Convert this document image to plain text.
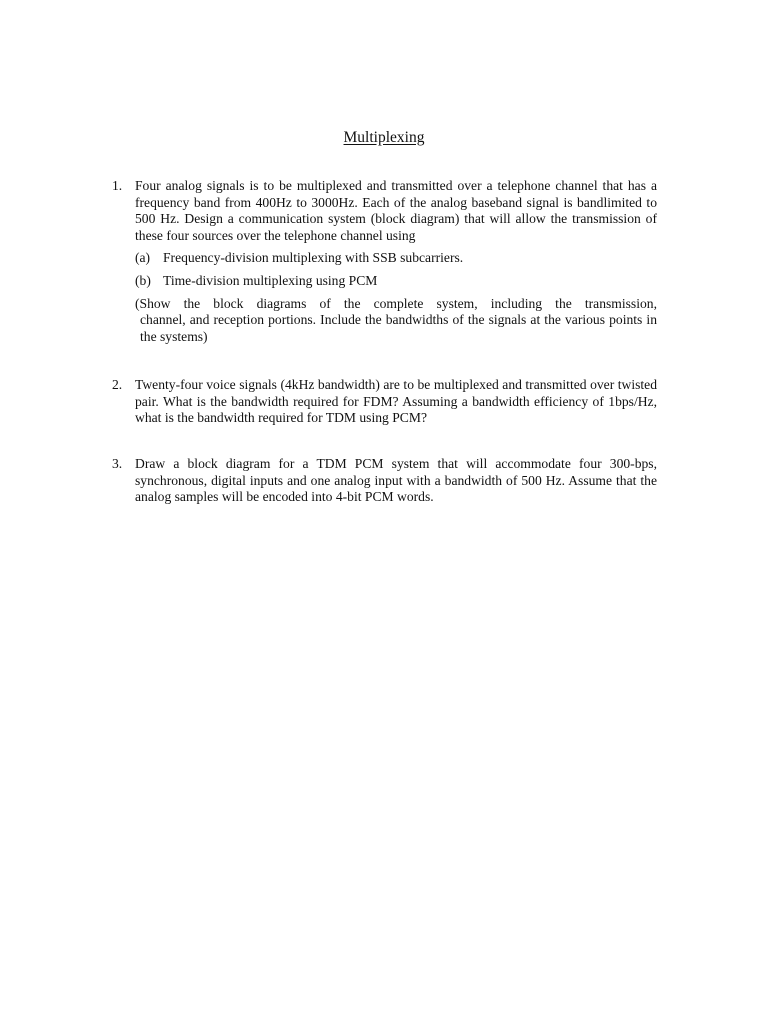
Multiplexing
1. Four analog signals is to be multiplexed and transmitted over a telephone channel that has a frequency band from 400Hz to 3000Hz. Each of the analog baseband signal is bandlimited to 500 Hz. Design a communication system (block diagram) that will allow the transmission of these four sources over the telephone channel using
(a) Frequency-division multiplexing with SSB subcarriers.
(b) Time-division multiplexing using PCM
(Show the block diagrams of the complete system, including the transmission,
channel, and reception portions. Include the bandwidths of the signals at the various points in the systems)
2. Twenty-four voice signals (4kHz bandwidth) are to be multiplexed and transmitted over twisted pair. What is the bandwidth required for FDM? Assuming a bandwidth efficiency of 1bps/Hz, what is the bandwidth required for TDM using PCM?
3. Draw a block diagram for a TDM PCM system that will accommodate four 300-bps, synchronous, digital inputs and one analog input with a bandwidth of 500 Hz. Assume that the analog samples will be encoded into 4-bit PCM words.
